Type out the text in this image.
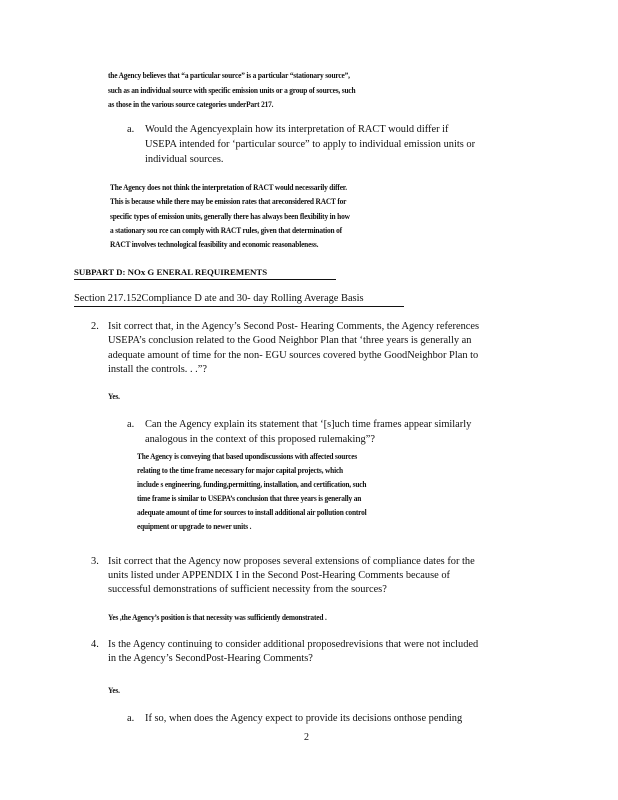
the Agency believes that “a particular source” is a particular “stationary source”,
such as an individual source with specific emission units or a group of sources, such
as those in the various source categories underPart 217.
a. Would the Agencyexplain how its interpretation of RACT would differ if
USEPA intended for ‘particular source” to apply to individual emission units or
individual sources.
The Agency does not think the interpretation of RACT would necessarily differ.
This is because while there may be emission rates that areconsidered RACT for
specific types of emission units, generally there has always been flexibility in how
a stationary sou rce can comply with RACT rules, given that determination of
RACT involves technological feasibility and economic reasonableness.
SUBPART D: NOx G ENERAL REQUIREMENTS
Section 217.152Compliance D ate and 30- day Rolling Average Basis
2. Isit correct that, in the Agency’s Second Post- Hearing Comments, the Agency references
USEPA’s conclusion related to the Good Neighbor Plan that ‘three years is generally an
adequate amount of time for the non- EGU sources covered bythe GoodNeighbor Plan to
install the controls. . .”?
Yes.
a. Can the Agency explain its statement that ‘[s]uch time frames appear similarly
analogous in the context of this proposed rulemaking”?
The Agency is conveying that based upondiscussions with affected sources
relating to the time frame necessary for major capital projects, which
include s engineering, funding,permitting, installation, and certification, such
time frame is similar to USEPA’s conclusion that three years is generally an
adequate amount of time for sources to install additional air pollution control
equipment or upgrade to newer units .
3. Isit correct that the Agency now proposes several extensions of compliance dates for the
units listed under APPENDIX I in the Second Post-Hearing Comments because of
successful demonstrations of sufficient necessity from the sources?
Yes ,the Agency’s position is that necessity was sufficiently demonstrated .
4. Is the Agency continuing to consider additional proposedrevisions that were not included
in the Agency’s SecondPost-Hearing Comments?
Yes.
a. If so, when does the Agency expect to provide its decisions onthose pending
2
